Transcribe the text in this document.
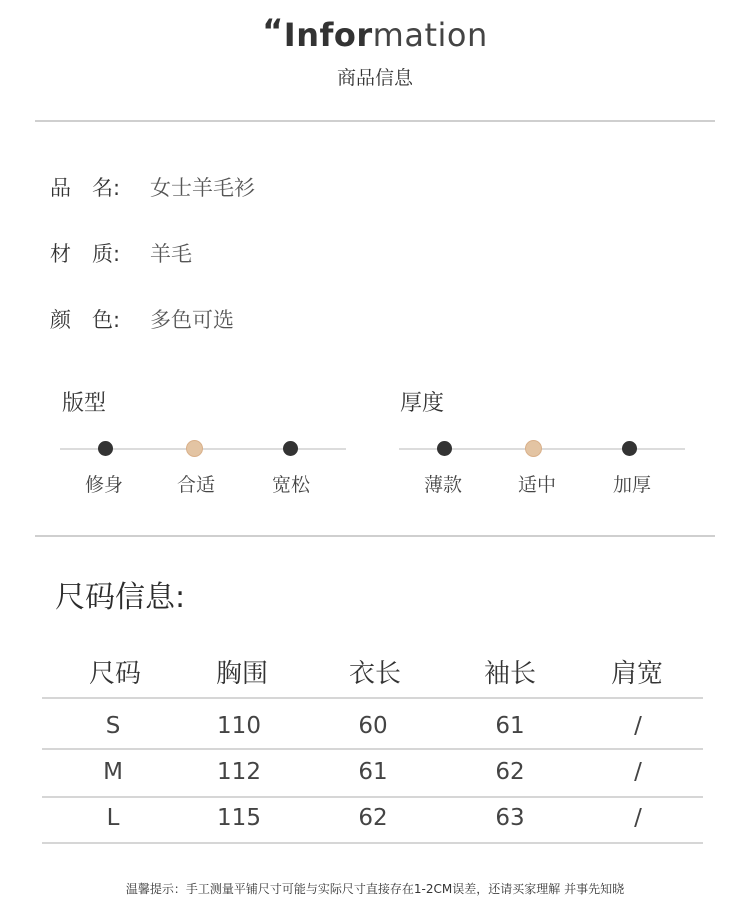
“Information
商品信息
品　名: 女士羊毛衫
材　质: 羊毛
颜　色: 多色可选
版型
修身	合适	宽松
厚度
薄款	适中	加厚
尺码信息:
尺码	胸围	衣长	袖长	肩宽
S	110	60	61	/
M	112	61	62	/
L	115	62	63	/
温馨提示：手工测量平铺尺寸可能与实际尺寸直接存在1-2CM误差，还请买家理解 并事先知晓
